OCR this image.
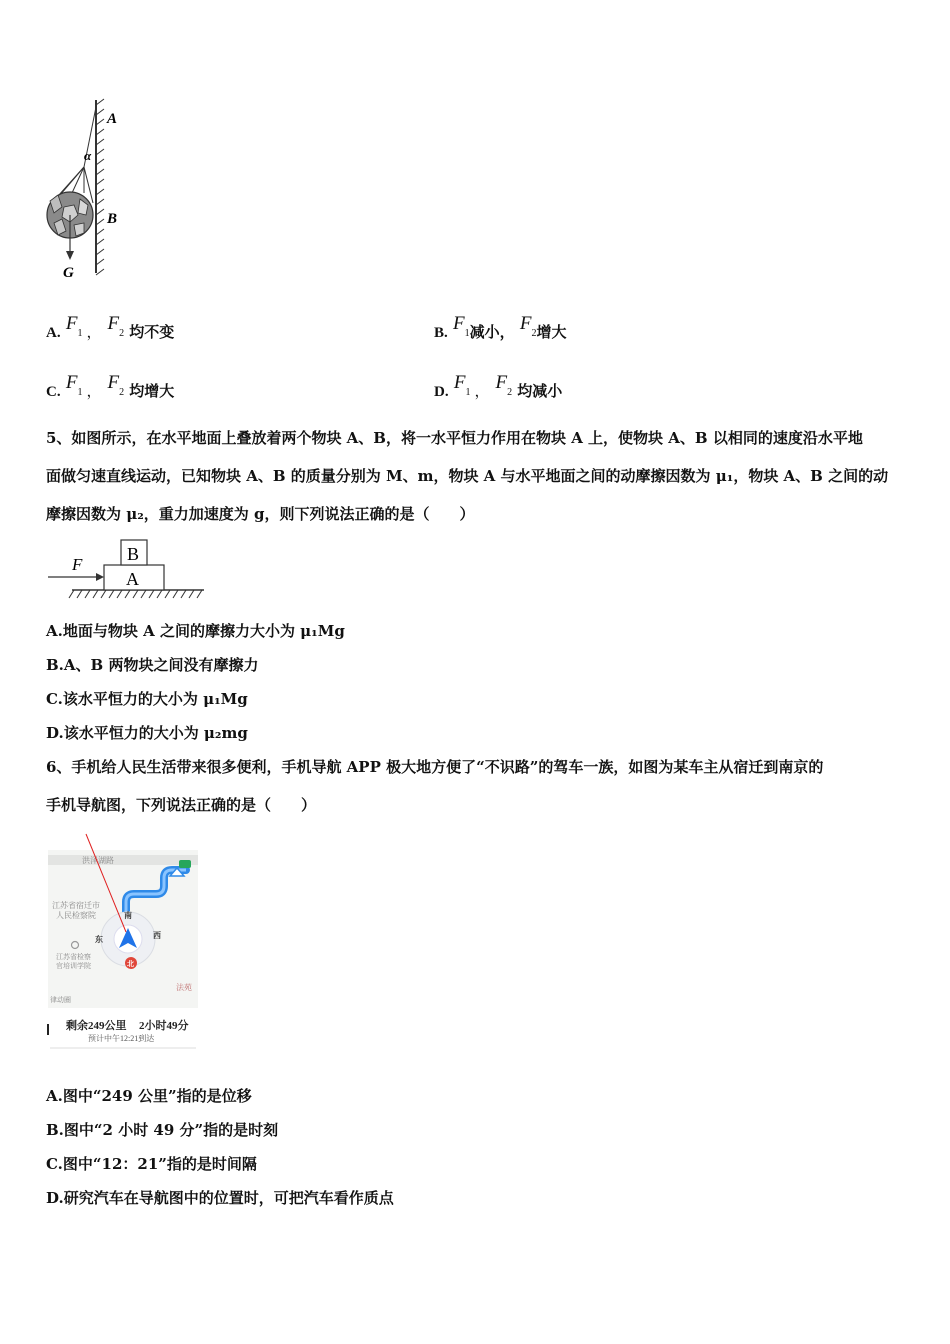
A
α
B
G
A. $F_1$ ， $F_2$ 均不变	B. $F_1$减小， $F_2$增大
C. $F_1$ ， $F_2$ 均增大	D. $F_1$ ， $F_2$ 均减小
5、如图所示，在水平地面上叠放着两个物块 A、B，将一水平恒力作用在物块 A 上，使物块 A、B 以相同的速度沿水平地
面做匀速直线运动，已知物块 A、B 的质量分别为 M、m，物块 A 与水平地面之间的动摩擦因数为 μ₁，物块 A、B 之间的动
摩擦因数为 μ₂，重力加速度为 g，则下列说法正确的是（　　）
F
A
B
A.地面与物块 A 之间的摩擦力大小为 μ₁Mg
B.A、B 两物块之间没有摩擦力
C.该水平恒力的大小为 μ₁Mg
D.该水平恒力的大小为 μ₂mg
6、手机给人民生活带来很多便利，手机导航 APP 极大地方便了“不识路”的驾车一族，如图为某车主从宿迁到南京的
手机导航图，下列说法正确的是（　　）
洪泽湖路
江苏省宿迁市
人民检察院	南
东	西
北
江苏省检察
官培训学院
法苑
律动圈
剩余249公里 2小时49分
预计中午12:21到达
A.图中“249 公里”指的是位移
B.图中“2 小时 49 分”指的是时刻
C.图中“12：21”指的是时间隔
D.研究汽车在导航图中的位置时，可把汽车看作质点
